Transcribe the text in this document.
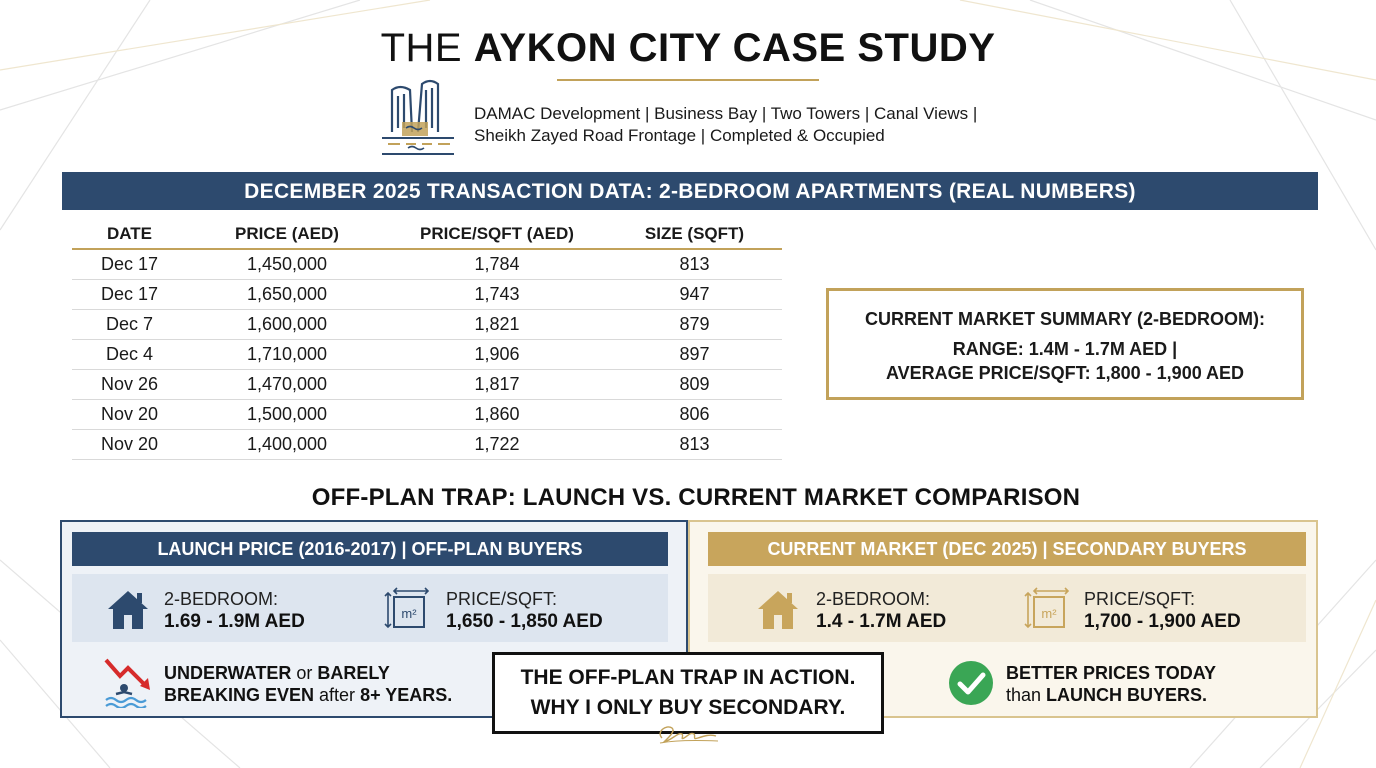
THE AYKON CITY CASE STUDY
DAMAC Development | Business Bay | Two Towers | Canal Views |
Sheikh Zayed Road Frontage | Completed & Occupied
DECEMBER 2025 TRANSACTION DATA: 2-BEDROOM APARTMENTS (REAL NUMBERS)
DATE	PRICE (AED)	PRICE/SQFT (AED)	SIZE (SQFT)
Dec 17	1,450,000	1,784	813
Dec 17	1,650,000	1,743	947
Dec 7	1,600,000	1,821	879
Dec 4	1,710,000	1,906	897
Nov 26	1,470,000	1,817	809
Nov 20	1,500,000	1,860	806
Nov 20	1,400,000	1,722	813
CURRENT MARKET SUMMARY (2-BEDROOM):
RANGE: 1.4M - 1.7M AED |
AVERAGE PRICE/SQFT: 1,800 - 1,900 AED
OFF-PLAN TRAP: LAUNCH VS. CURRENT MARKET COMPARISON
LAUNCH PRICE (2016-2017) | OFF-PLAN BUYERS
2-BEDROOM:
1.69 - 1.9M AED	m²
PRICE/SQFT:
1,650 - 1,850 AED
UNDERWATER or BARELY
BREAKING EVEN after 8+ YEARS.
CURRENT MARKET (DEC 2025) | SECONDARY BUYERS
2-BEDROOM:
1.4 - 1.7M AED	m²
PRICE/SQFT:
1,700 - 1,900 AED
BETTER PRICES TODAY
than LAUNCH BUYERS.
THE OFF-PLAN TRAP IN ACTION.
WHY I ONLY BUY SECONDARY.
